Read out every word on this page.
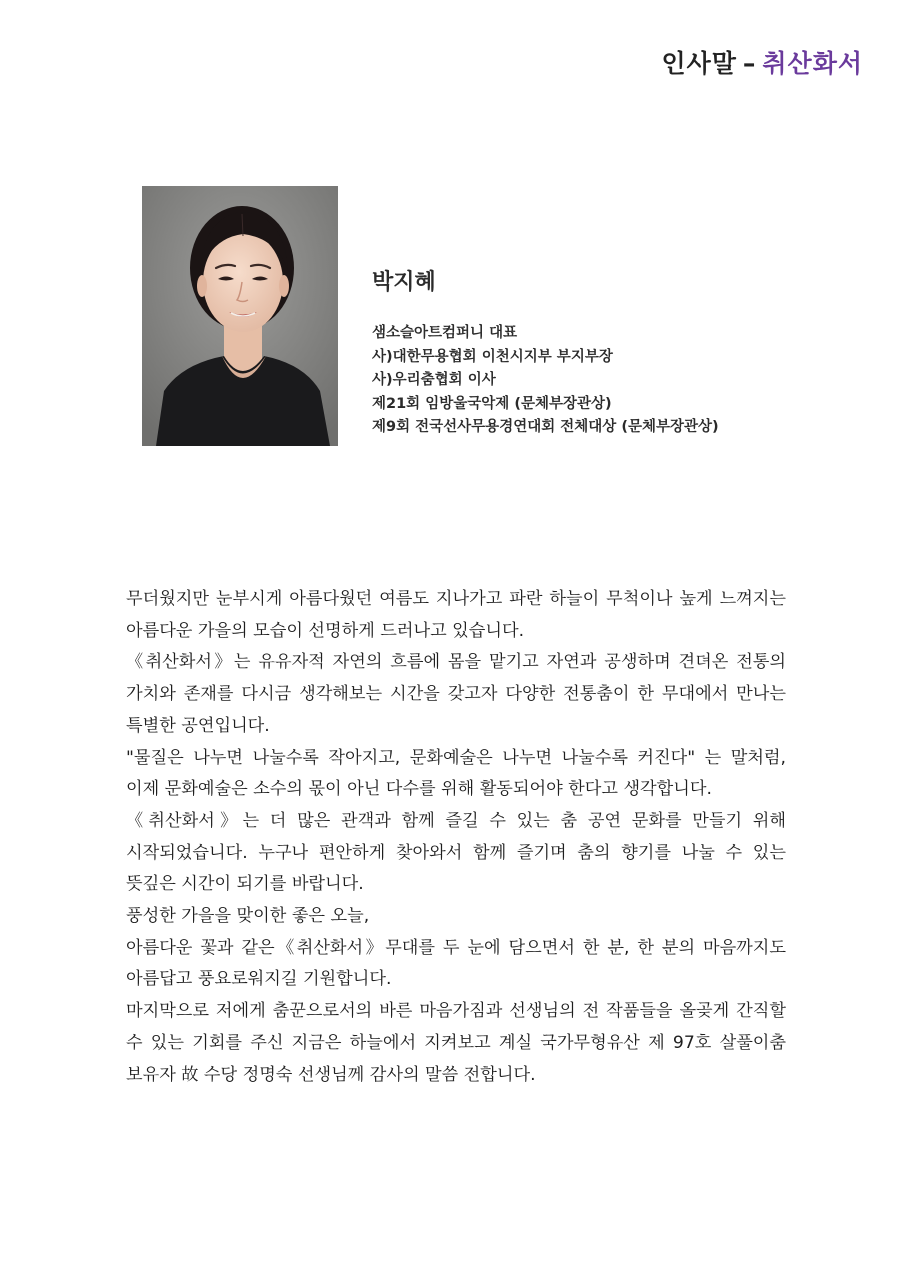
인사말 – 취산화서
박지혜
샘소슬아트컴퍼니 대표
사)대한무용협회 이천시지부 부지부장
사)우리춤협회 이사
제21회 임방울국악제 (문체부장관상)
제9회 전국선사무용경연대회 전체대상 (문체부장관상)

무더웠지만 눈부시게 아름다웠던 여름도 지나가고 파란 하늘이 무척이나 높게 느껴지는 아름다운 가을의 모습이 선명하게 드러나고 있습니다.

《취산화서》는 유유자적 자연의 흐름에 몸을 맡기고 자연과 공생하며 견뎌온 전통의 가치와 존재를 다시금 생각해보는 시간을 갖고자 다양한 전통춤이 한 무대에서 만나는 특별한 공연입니다.

"물질은 나누면 나눌수록 작아지고, 문화예술은 나누면 나눌수록 커진다" 는 말처럼, 이제 문화예술은 소수의 몫이 아닌 다수를 위해 활동되어야 한다고 생각합니다.

《취산화서》는 더 많은 관객과 함께 즐길 수 있는 춤 공연 문화를 만들기 위해 시작되었습니다. 누구나 편안하게 찾아와서 함께 즐기며 춤의 향기를 나눌 수 있는 뜻깊은 시간이 되기를 바랍니다.

풍성한 가을을 맞이한 좋은 오늘,

아름다운 꽃과 같은《취산화서》무대를 두 눈에 담으면서 한 분, 한 분의 마음까지도 아름답고 풍요로워지길 기원합니다.

마지막으로 저에게 춤꾼으로서의 바른 마음가짐과 선생님의 전 작품들을 올곶게 간직할 수 있는 기회를 주신 지금은 하늘에서 지켜보고 계실 국가무형유산 제 97호 살풀이춤 보유자 故 수당 정명숙 선생님께 감사의 말씀 전합니다.
